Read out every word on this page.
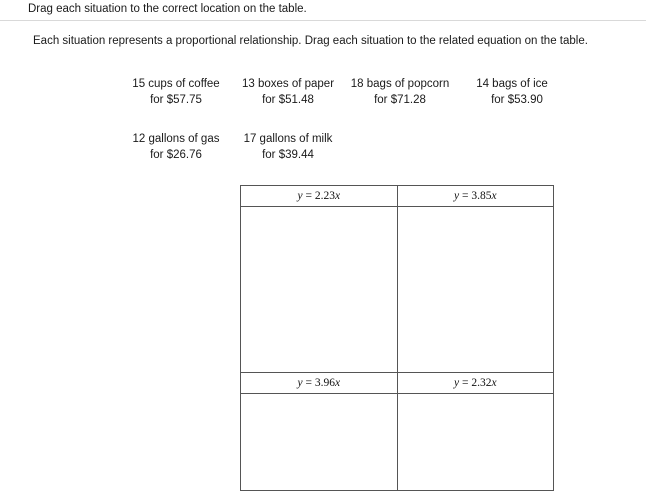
Drag each situation to the correct location on the table.
Each situation represents a proportional relationship. Drag each situation to the related equation on the table.
15 cups of coffee
for $57.75
13 boxes of paper
for $51.48
18 bags of popcorn
for $71.28
14 bags of ice
for $53.90
12 gallons of gas
for $26.76
17 gallons of milk
for $39.44
y = 2.23x	y = 3.85x

y = 3.96x	y = 2.32x
